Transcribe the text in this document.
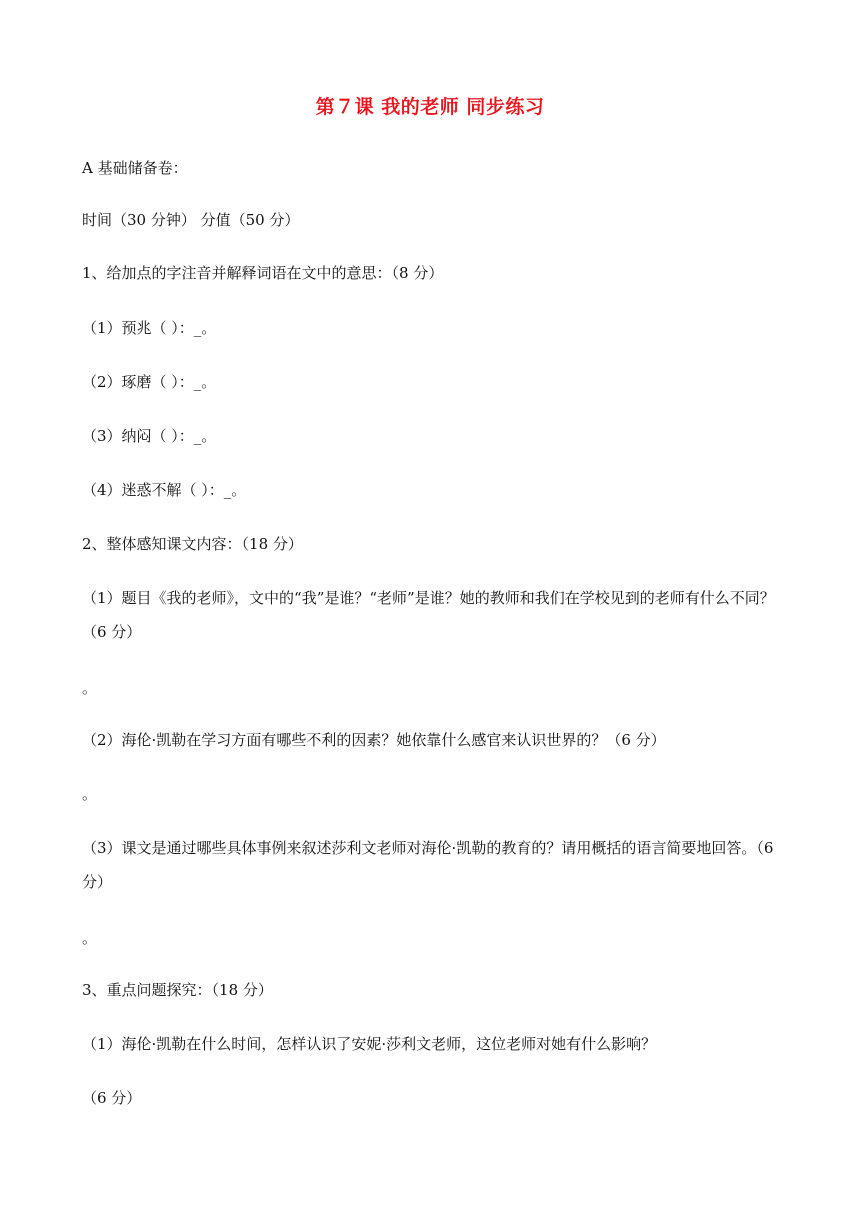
第７课 我的老师 同步练习
A 基础储备卷：
时间（30 分钟） 分值（50 分）
1、给加点的字注音并解释词语在文中的意思：（8 分）
（1）预兆（ ）：_。
（2）琢磨（ ）：_。
（3）纳闷（ ）：_。
（4）迷惑不解（ ）：_。
2、整体感知课文内容：（18 分）
（1）题目《我的老师》，文中的“我”是谁？“老师”是谁？她的教师和我们在学校见到的老师有什么不同？（6 分）
。
（2）海伦·凯勒在学习方面有哪些不利的因素？她依靠什么感官来认识世界的？（6 分）
。
（3）课文是通过哪些具体事例来叙述莎利文老师对海伦·凯勒的教育的？请用概括的语言简要地回答。（6 分）
。
3、重点问题探究：（18 分）
（1）海伦·凯勒在什么时间，怎样认识了安妮·莎利文老师，这位老师对她有什么影响？
（6 分）
